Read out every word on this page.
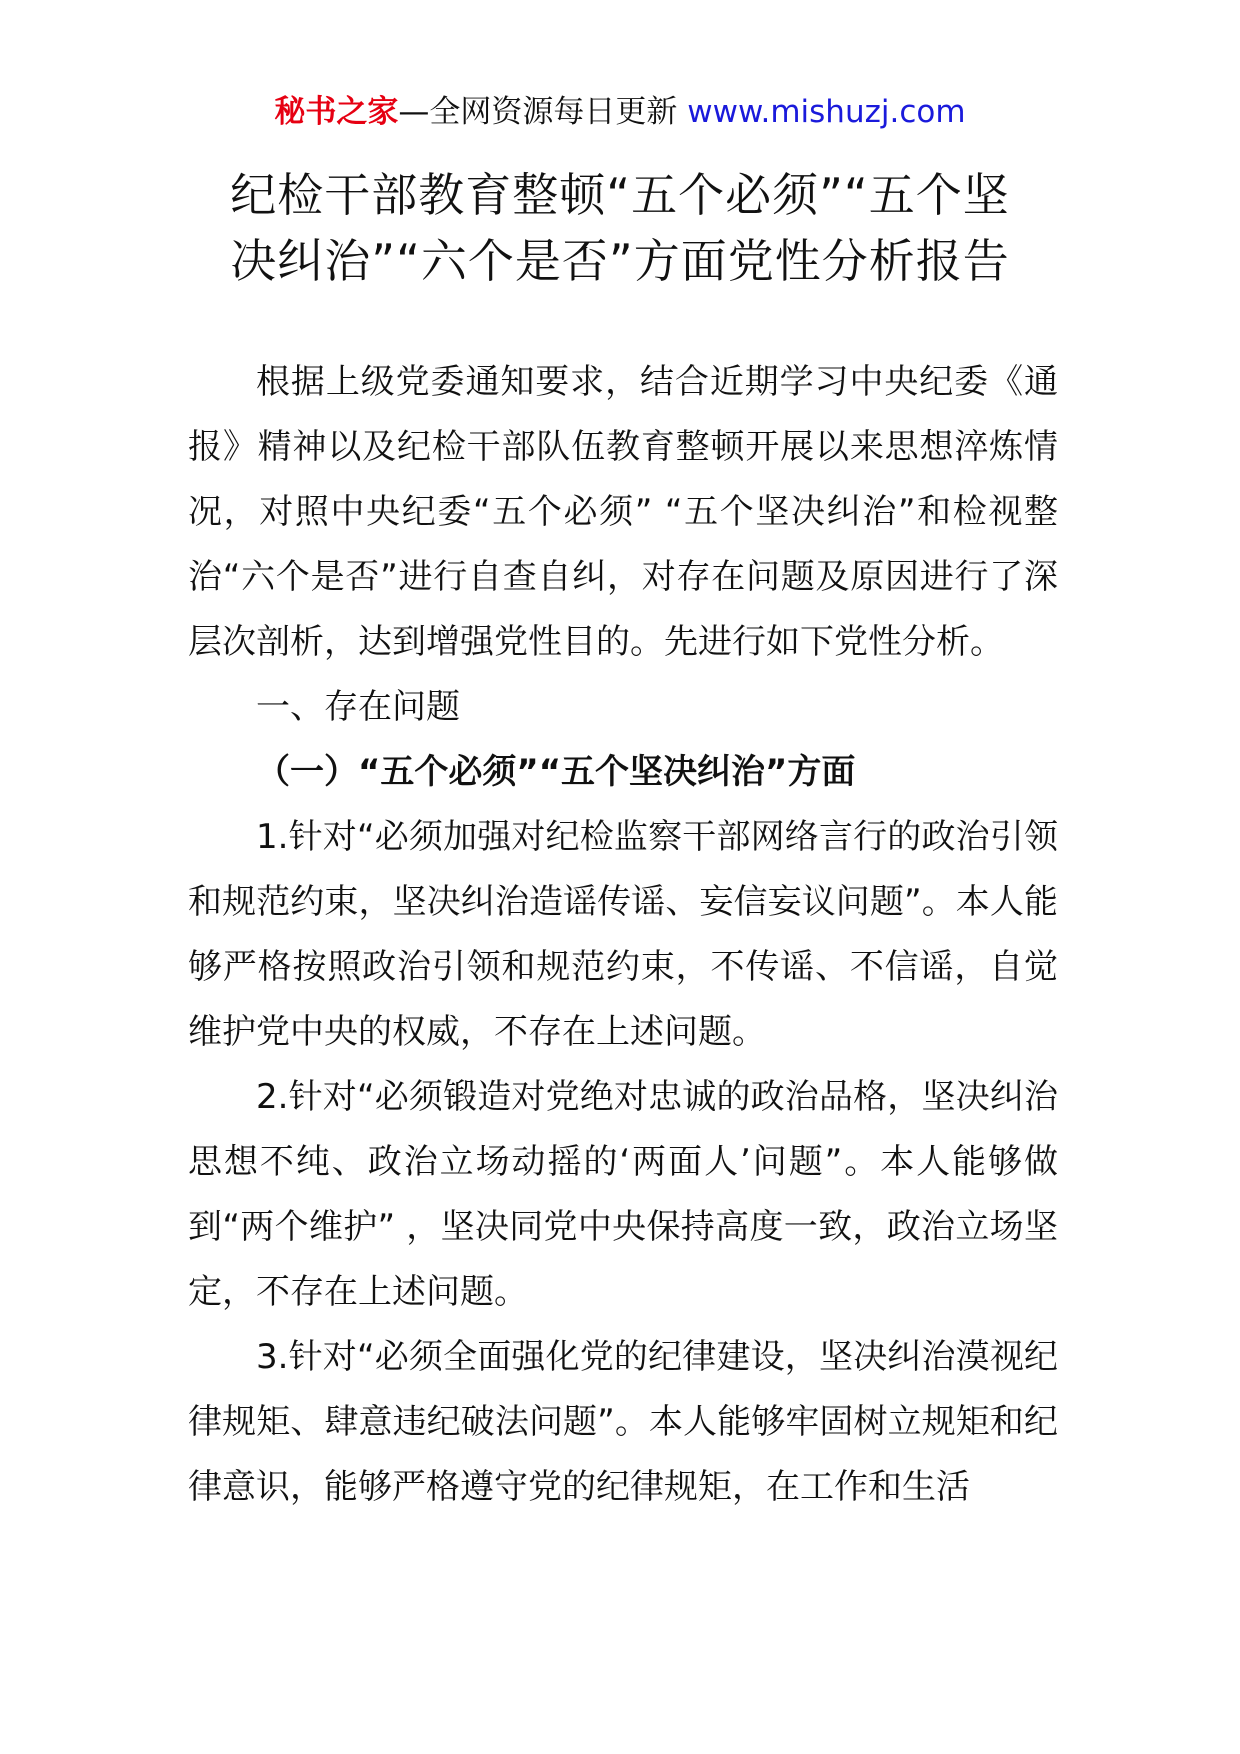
秘书之家—全网资源每日更新 www.mishuzj.com
纪检干部教育整顿“五个必须”“五个坚
决纠治”“六个是否”方面党性分析报告

根据上级党委通知要求，结合近期学习中央纪委《通报》精神以及纪检干部队伍教育整顿开展以来思想淬炼情况，对照中央纪委“五个必须” “五个坚决纠治”和检视整治“六个是否”进行自查自纠，对存在问题及原因进行了深层次剖析，达到增强党性目的。先进行如下党性分析。

一、存在问题
（一）“五个必须”“五个坚决纠治”方面

1.针对“必须加强对纪检监察干部网络言行的政治引领和规范约束，坚决纠治造谣传谣、妄信妄议问题”。本人能够严格按照政治引领和规范约束，不传谣、不信谣，自觉维护党中央的权威，不存在上述问题。

2.针对“必须锻造对党绝对忠诚的政治品格，坚决纠治思想不纯、政治立场动摇的‘两面人’问题”。本人能够做到“两个维护” ，坚决同党中央保持高度一致，政治立场坚定，不存在上述问题。

3.针对“必须全面强化党的纪律建设，坚决纠治漠视纪律规矩、肆意违纪破法问题”。本人能够牢固树立规矩和纪律意识，能够严格遵守党的纪律规矩，在工作和生活
